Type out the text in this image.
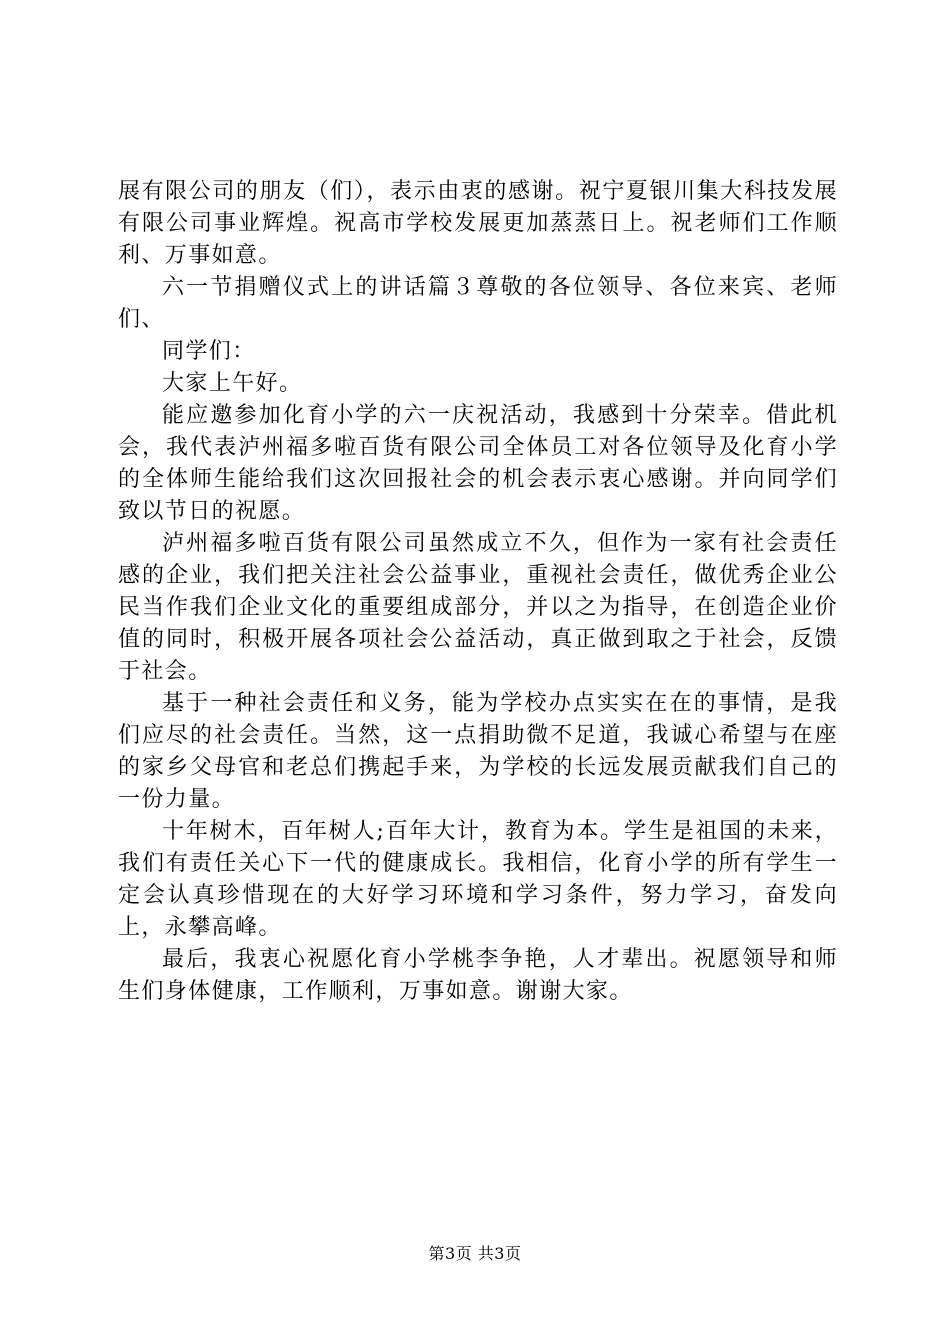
展有限公司的朋友（们），表示由衷的感谢。祝宁夏银川集大科技发展有限公司事业辉煌。祝高市学校发展更加蒸蒸日上。祝老师们工作顺利、万事如意。

六一节捐赠仪式上的讲话篇３尊敬的各位领导、各位来宾、老师们、

同学们：

大家上午好。

能应邀参加化育小学的六一庆祝活动，我感到十分荣幸。借此机会，我代表泸州福多啦百货有限公司全体员工对各位领导及化育小学的全体师生能给我们这次回报社会的机会表示衷心感谢。并向同学们致以节日的祝愿。

泸州福多啦百货有限公司虽然成立不久，但作为一家有社会责任感的企业，我们把关注社会公益事业，重视社会责任，做优秀企业公民当作我们企业文化的重要组成部分，并以之为指导，在创造企业价值的同时，积极开展各项社会公益活动，真正做到取之于社会，反馈于社会。

基于一种社会责任和义务，能为学校办点实实在在的事情，是我们应尽的社会责任。当然，这一点捐助微不足道，我诚心希望与在座的家乡父母官和老总们携起手来，为学校的长远发展贡献我们自己的一份力量。

十年树木，百年树人;百年大计，教育为本。学生是祖国的未来，我们有责任关心下一代的健康成长。我相信，化育小学的所有学生一定会认真珍惜现在的大好学习环境和学习条件，努力学习，奋发向上，永攀高峰。

最后，我衷心祝愿化育小学桃李争艳，人才辈出。祝愿领导和师生们身体健康，工作顺利，万事如意。谢谢大家。

第3页 共3页
